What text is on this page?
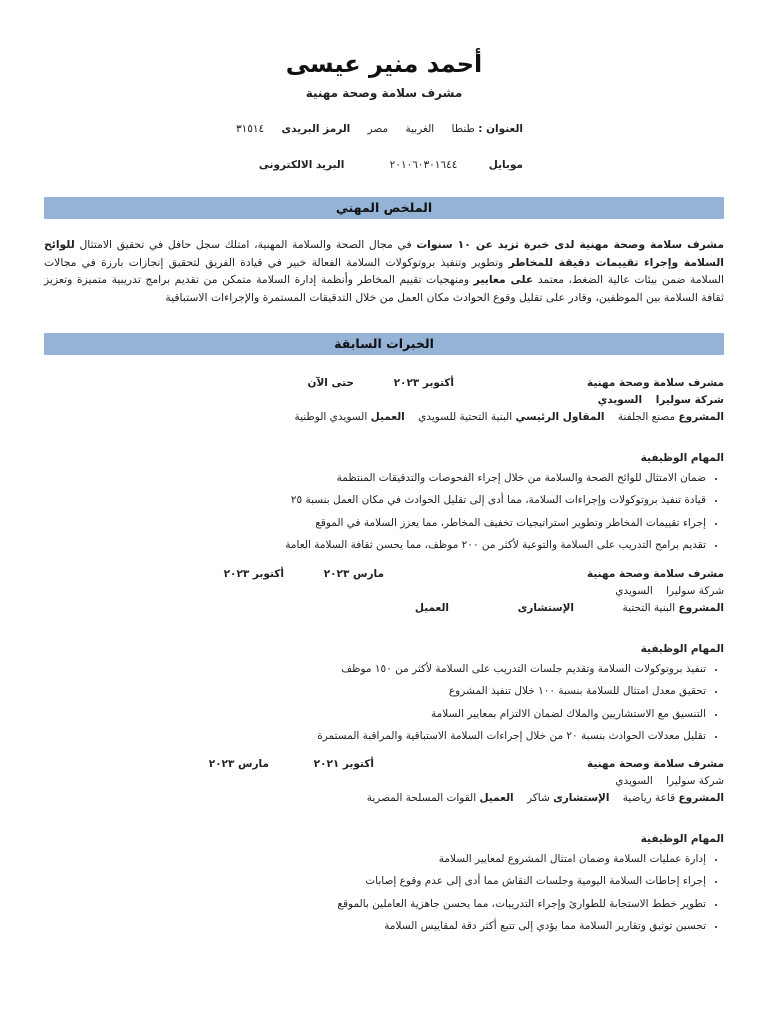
أحمد منير عيسى
مشرف سلامة وصحة مهنية
العنوان : طنطا الغربية مصر الرمز البريدى ٣١٥١٤
موبايل ٢٠١٠٦٠٣٠١٦٤٤ البريد الالكترونى
الملخص المهني
مشرف سلامة وصحة مهنية لدى خبرة تزيد عن ١٠ سنوات في مجال الصحة والسلامة المهنية، امتلك سجل حافل في تحقيق الامتثال للوائح السلامة وإجراء تقييمات دقيقة للمخاطر وتطوير وتنفيذ بروتوكولات السلامة الفعالة خبير في قيادة الفريق لتحقيق إنجازات بارزة في مجالات السلامة ضمن بيئات عالية الضغط، معتمد على معايير ومنهجيات تقييم المخاطر وأنظمة إدارة السلامة متمكن من تقديم برامج تدريبية متميزة وتعزيز ثقافة السلامة بين الموظفين، وقادر على تقليل وقوع الحوادث مكان العمل من خلال التدقيقات المستمرة والإجراءات الاستباقية
الخبرات السابقة
مشرف سلامة وصحة مهنية
أكتوبر ٢٠٢٣
حتى الآن
شركة سوليرا السويدي
المشروع مصنع الجلفنة المقاول الرئيسي البنية التحتية للسويدي العميل السويدي الوطنية
المهام الوظيفية
• ضمان الامتثال للوائح الصحة والسلامة من خلال إجراء الفحوصات والتدقيقات المنتظمة
• قيادة تنفيذ بروتوكولات وإجراءات السلامة، مما أدى إلى تقليل الحوادث في مكان العمل بنسبة ٢٥
• إجراء تقييمات المخاطر وتطوير استراتيجيات تخفيف المخاطر، مما يعزز السلامة في الموقع
• تقديم برامج التدريب على السلامة والتوعية لأكثر من ٢٠٠ موظف، مما يحسن ثقافة السلامة العامة
مشرف سلامة وصحة مهنية
مارس ٢٠٢٣
أكتوبر ٢٠٢٣
شركة سوليرا السويدي
المشروع البنية التحتية
الإستشارى
العميل
المهام الوظيفية
• تنفيذ بروتوكولات السلامة وتقديم جلسات التدريب على السلامة لأكثر من ١٥٠ موظف
• تحقيق معدل امتثال للسلامة بنسبة ١٠٠ خلال تنفيذ المشروع
• التنسيق مع الاستشاريين والملاك لضمان الالتزام بمعايير السلامة
• تقليل معدلات الحوادث بنسبة ٢٠ من خلال إجراءات السلامة الاستباقية والمراقبة المستمرة
مشرف سلامة وصحة مهنية
أكتوبر ٢٠٢١
مارس ٢٠٢٣
شركة سوليرا السويدي
المشروع قاعة رياضية الإستشارى شاكر العميل القوات المسلحة المصرية
المهام الوظيفية
• إدارة عمليات السلامة وضمان امتثال المشروع لمعايير السلامة
• إجراء إحاطات السلامة اليومية وجلسات النقاش مما أدى إلى عدم وقوع إصابات
• تطوير خطط الاستجابة للطوارئ وإجراء التدريبات، مما يحسن جاهزية العاملين بالموقع
• تحسين توثيق وتقارير السلامة مما يؤدي إلى تتبع أكثر دقة لمقاييس السلامة
